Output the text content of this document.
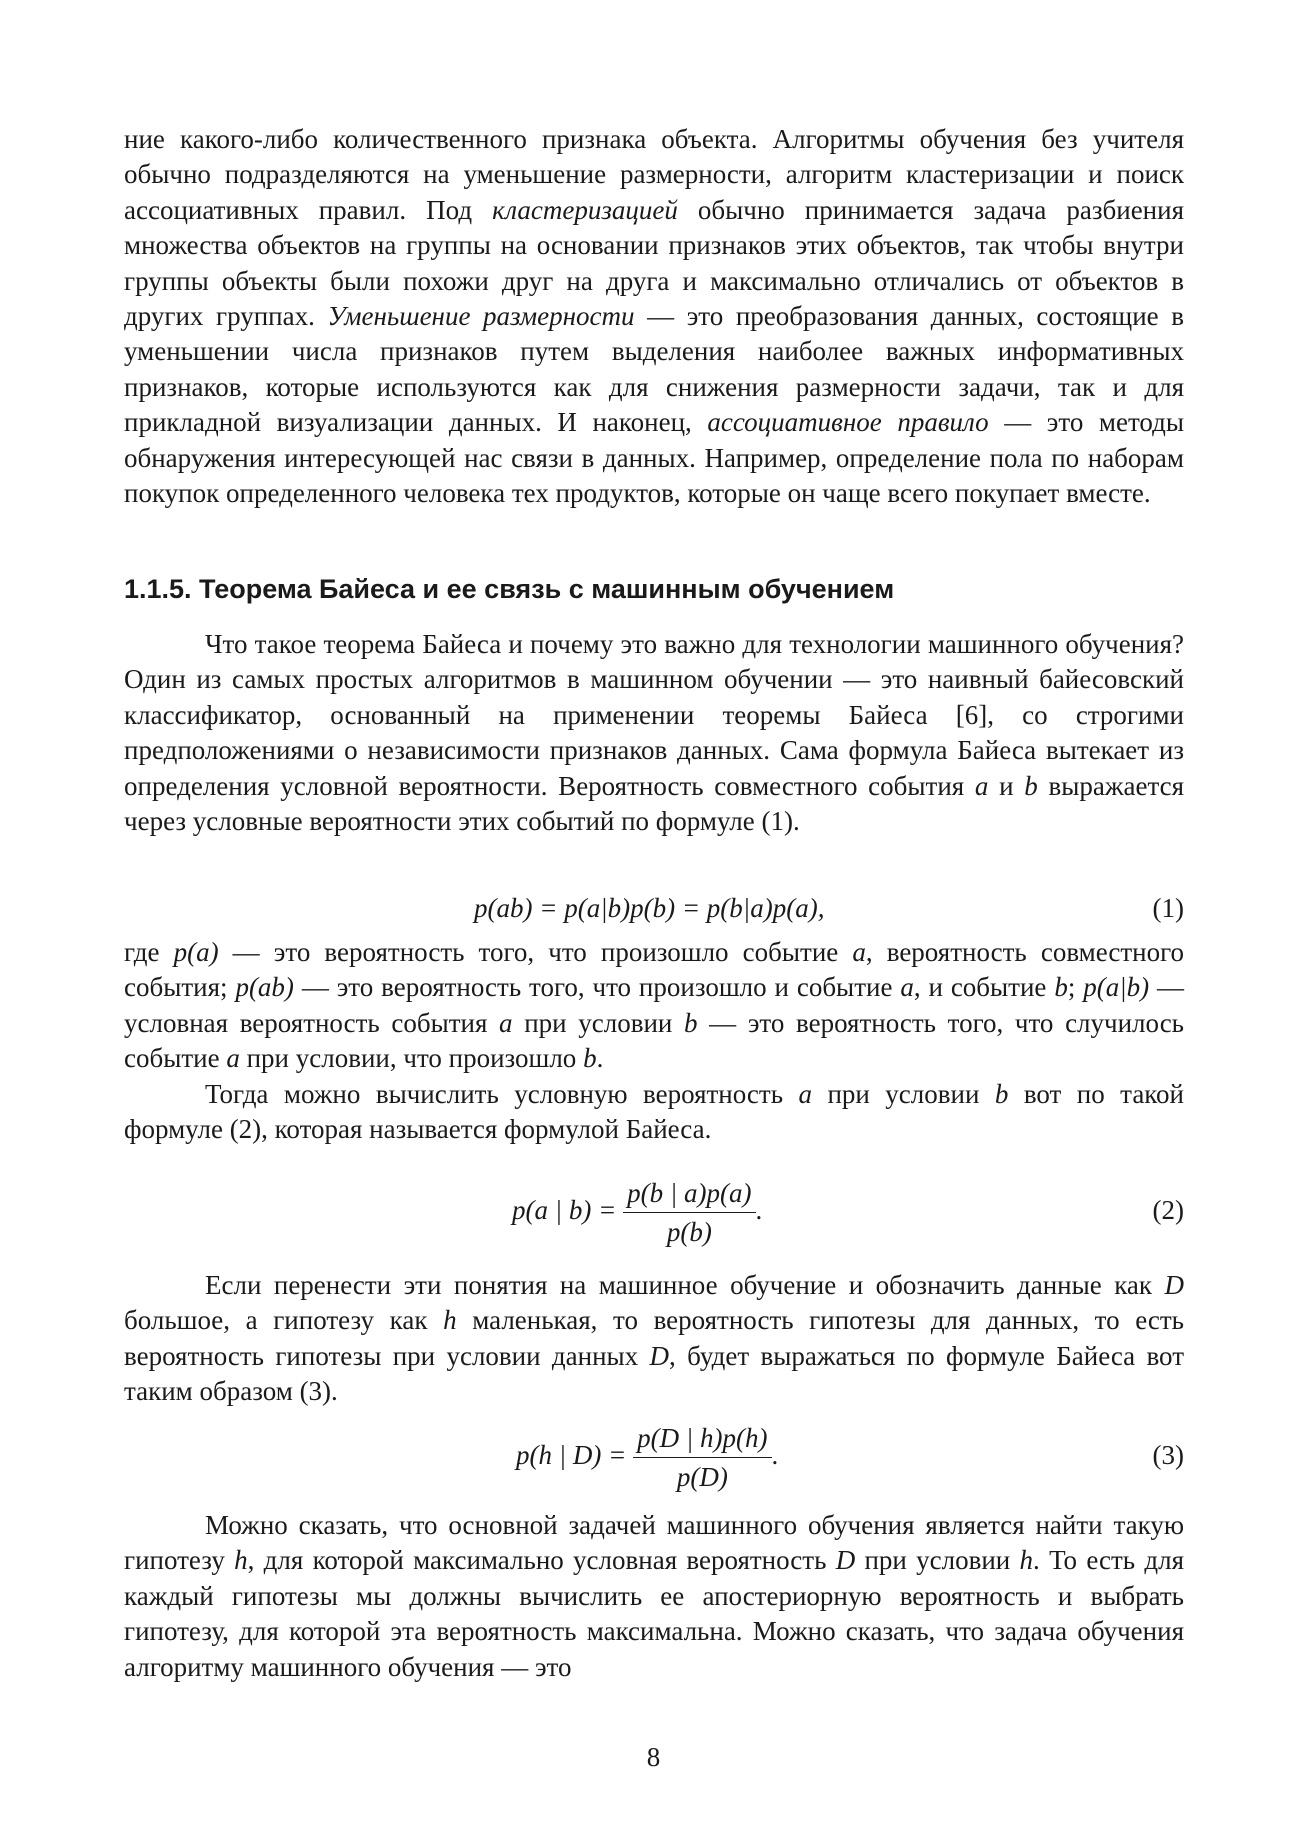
ние какого-либо количественного признака объекта. Алгоритмы обучения без учителя обычно подразделяются на уменьшение размерности, алгоритм кластеризации и поиск ассоциативных правил. Под кластеризацией обычно принимается задача разбиения множества объектов на группы на основании признаков этих объектов, так чтобы внутри группы объекты были похожи друг на друга и максимально отличались от объектов в других группах. Уменьшение размерности — это преобразования данных, состоящие в уменьшении числа признаков путем выделения наиболее важных информативных признаков, которые используются как для снижения размерности задачи, так и для прикладной визуализации данных. И наконец, ассоциативное правило — это методы обнаружения интересующей нас связи в данных. Например, определение пола по наборам покупок определенного человека тех продуктов, которые он чаще всего покупает вместе.

1.1.5. Теорема Байеса и ее связь с машинным обучением

Что такое теорема Байеса и почему это важно для технологии машинного обучения? Один из самых простых алгоритмов в машинном обучении — это наивный байесовский классификатор, основанный на применении теоремы Байеса [6], со строгими предположениями о независимости признаков данных. Сама формула Байеса вытекает из определения условной вероятности. Вероятность совместного события a и b выражается через условные вероятности этих событий по формуле (1).

p(ab) = p(a|b)p(b) = p(b|a)p(a),	(1)

где p(a) — это вероятность того, что произошло событие a, вероятность совместного события; p(ab) — это вероятность того, что произошло и событие a, и событие b; p(a|b) — условная вероятность события a при условии b — это вероятность того, что случилось событие a при условии, что произошло b.

Тогда можно вычислить условную вероятность a при условии b вот по такой формуле (2), которая называется формулой Байеса.

p(a | $b) = \frac{p(b | a)p(a)}{p(b)}$ .	(2)

Если перенести эти понятия на машинное обучение и обозначить данные как D большое, а гипотезу как h маленькая, то вероятность гипотезы для данных, то есть вероятность гипотезы при условии данных D, будет выражаться по формуле Байеса вот таким образом (3).

p(h | $D) = \frac{p(D | h)p(h)}{p(D)}$ .	(3)

Можно сказать, что основной задачей машинного обучения является найти такую гипотезу h, для которой максимально условная вероятность D при условии h. То есть для каждый гипотезы мы должны вычислить ее апостериорную вероятность и выбрать гипотезу, для которой эта вероятность максимальна. Можно сказать, что задача обучения алгоритму машинного обучения — это

8
